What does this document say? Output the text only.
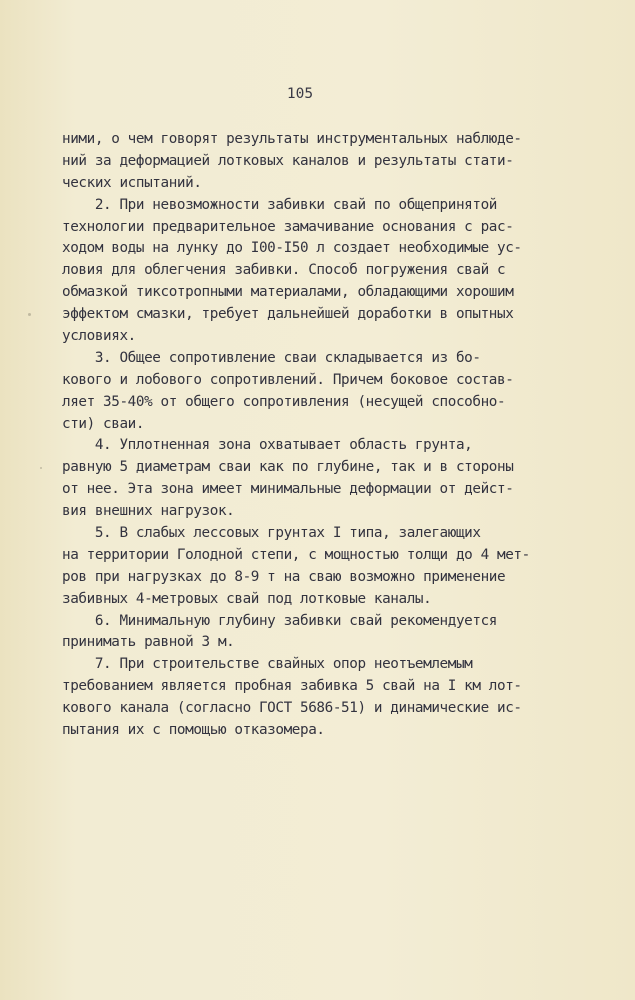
105
ними, о чем говорят результаты инструментальных наблюде-
ний за деформацией лотковых каналов и результаты стати-
ческих испытаний.
2. При невозможности забивки свай по общепринятой
технологии предварительное замачивание основания с рас-
ходом воды на лунку до I00-I50 л создает необходимые ус-
ловия для облегчения забивки. Способ погружения свай с
обмазкой тиксотропными материалами, обладающими хорошим
эффектом смазки, требует дальнейшей доработки в опытных
условиях.
3. Общее сопротивление сваи складывается из бо-
кового и лобового сопротивлений. Причем боковое состав-
ляет 35-40% от общего сопротивления (несущей способно-
сти) сваи.
4. Уплотненная зона охватывает область грунта,
равную 5 диаметрам сваи как по глубине, так и в стороны
от нее. Эта зона имеет минимальные деформации от дейст-
вия внешних нагрузок.
5. В слабых лессовых грунтах I типа, залегающих
на территории Голодной степи, с мощностью толщи до 4 мет-
ров при нагрузках до 8-9 т на сваю возможно применение
забивных 4-метровых свай под лотковые каналы.
6. Минимальную глубину забивки свай рекомендуется
принимать равной 3 м.
7. При строительстве свайных опор неотъемлемым
требованием является пробная забивка 5 свай на I км лот-
кового канала (согласно ГОСТ 5686-51) и динамические ис-
пытания их с помощью отказомера.
